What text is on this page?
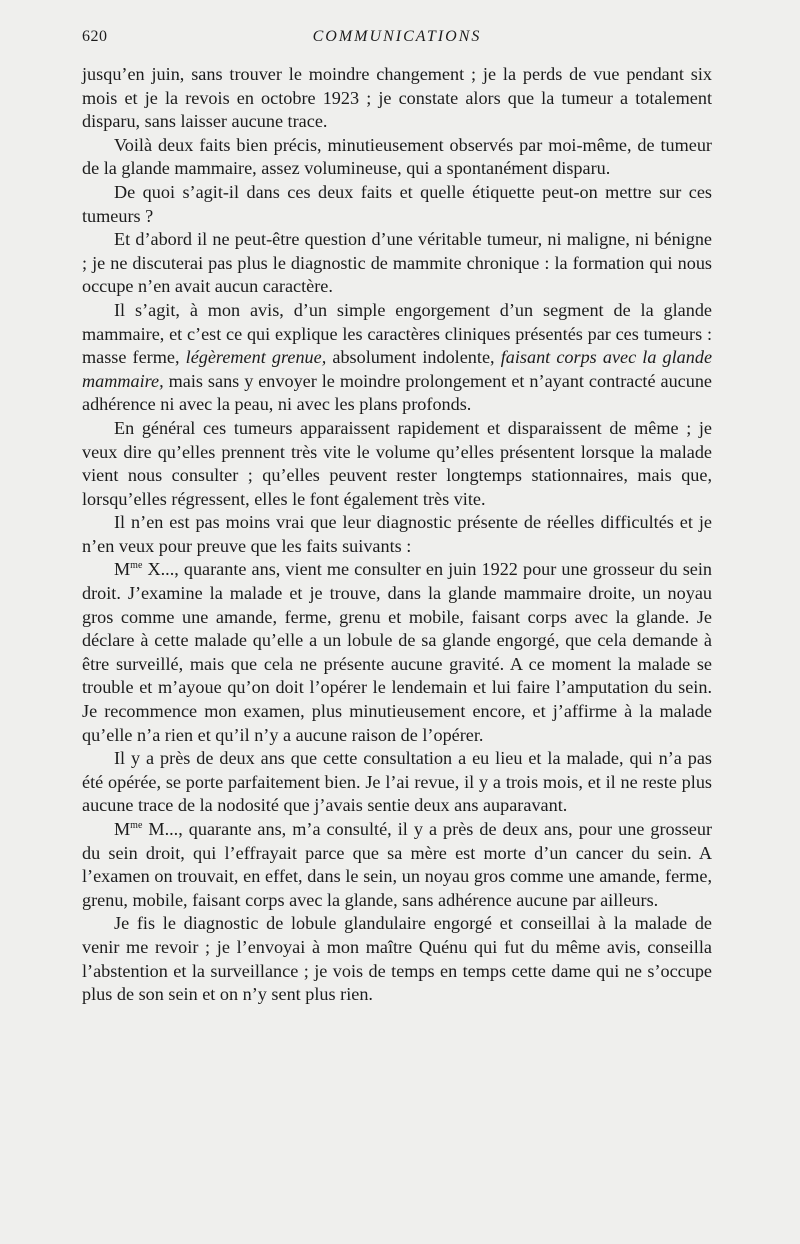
620	COMMUNICATIONS

jusqu’en juin, sans trouver le moindre changement ; je la perds de vue pendant six mois et je la revois en octobre 1923 ; je constate alors que la tumeur a totalement disparu, sans laisser aucune trace.

Voilà deux faits bien précis, minutieusement observés par moi-même, de tumeur de la glande mammaire, assez volumineuse, qui a spontanément disparu.

De quoi s’agit-il dans ces deux faits et quelle étiquette peut-on mettre sur ces tumeurs ?

Et d’abord il ne peut-être question d’une véritable tumeur, ni maligne, ni bénigne ; je ne discuterai pas plus le diagnostic de mammite chronique : la formation qui nous occupe n’en avait aucun caractère.

Il s’agit, à mon avis, d’un simple engorgement d’un segment de la glande mammaire, et c’est ce qui explique les caractères cliniques présentés par ces tumeurs : masse ferme, légèrement grenue, absolument indolente, faisant corps avec la glande mammaire, mais sans y envoyer le moindre prolongement et n’ayant contracté aucune adhérence ni avec la peau, ni avec les plans profonds.

En général ces tumeurs apparaissent rapidement et disparaissent de même ; je veux dire qu’elles prennent très vite le volume qu’elles présentent lorsque la malade vient nous consulter ; qu’elles peuvent rester longtemps stationnaires, mais que, lorsqu’elles régressent, elles le font également très vite.

Il n’en est pas moins vrai que leur diagnostic présente de réelles difficultés et je n’en veux pour preuve que les faits suivants :

$M^{me}$ X..., quarante ans, vient me consulter en juin 1922 pour une grosseur du sein droit. J’examine la malade et je trouve, dans la glande mammaire droite, un noyau gros comme une amande, ferme, grenu et mobile, faisant corps avec la glande. Je déclare à cette malade qu’elle a un lobule de sa glande engorgé, que cela demande à être surveillé, mais que cela ne présente aucune gravité. A ce moment la malade se trouble et m’ayoue qu’on doit l’opérer le lendemain et lui faire l’amputation du sein. Je recommence mon examen, plus minutieusement encore, et j’affirme à la malade qu’elle n’a rien et qu’il n’y a aucune raison de l’opérer.

Il y a près de deux ans que cette consultation a eu lieu et la malade, qui n’a pas été opérée, se porte parfaitement bien. Je l’ai revue, il y a trois mois, et il ne reste plus aucune trace de la nodosité que j’avais sentie deux ans auparavant.

$M^{me}$ M..., quarante ans, m’a consulté, il y a près de deux ans, pour une grosseur du sein droit, qui l’effrayait parce que sa mère est morte d’un cancer du sein. A l’examen on trouvait, en effet, dans le sein, un noyau gros comme une amande, ferme, grenu, mobile, faisant corps avec la glande, sans adhérence aucune par ailleurs.

Je fis le diagnostic de lobule glandulaire engorgé et conseillai à la malade de venir me revoir ; je l’envoyai à mon maître Quénu qui fut du même avis, conseilla l’abstention et la surveillance ; je vois de temps en temps cette dame qui ne s’occupe plus de son sein et on n’y sent plus rien.
